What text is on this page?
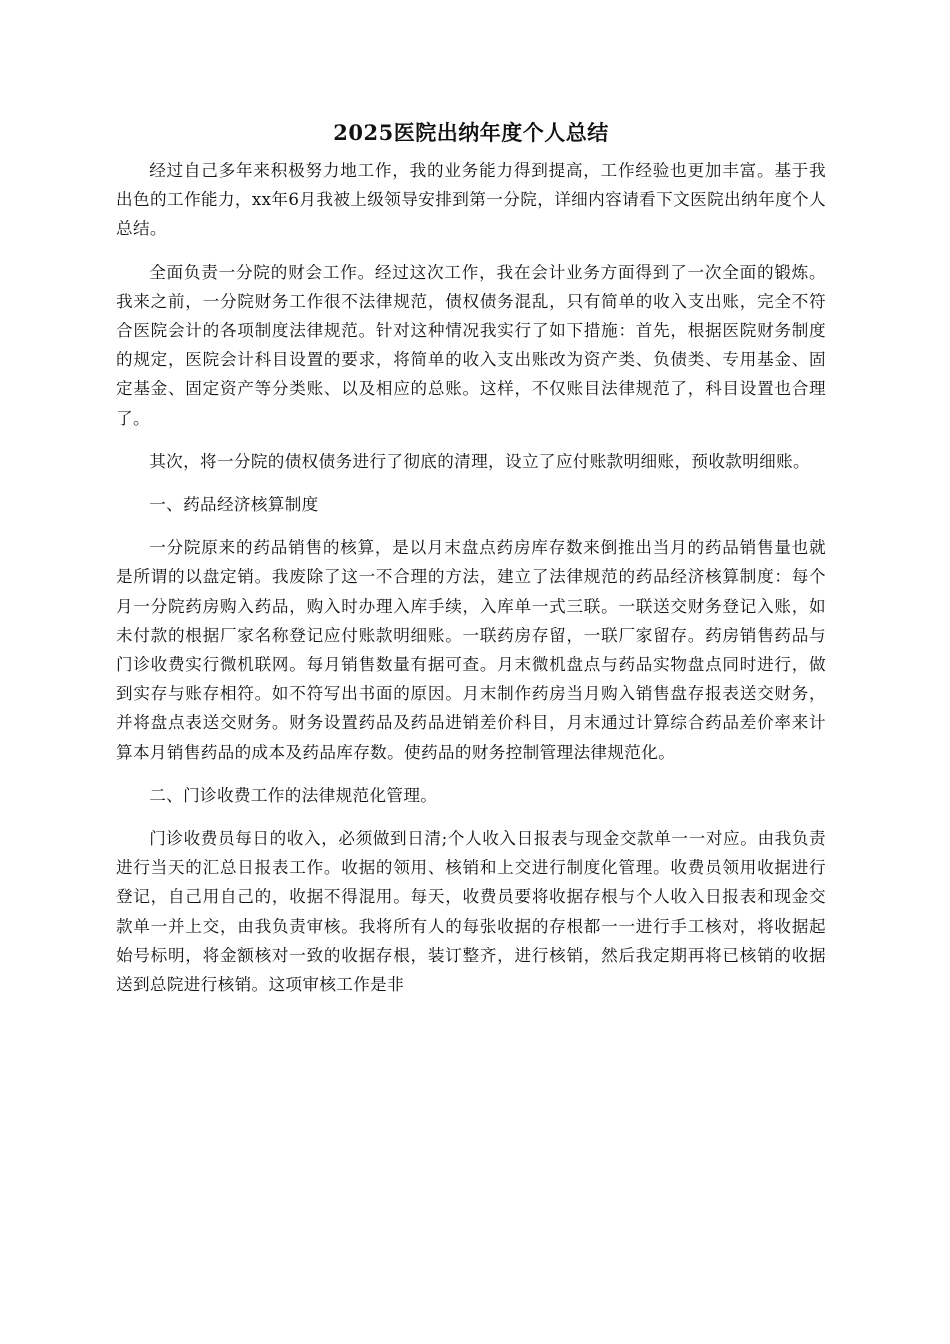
2025医院出纳年度个人总结

经过自己多年来积极努力地工作，我的业务能力得到提高，工作经验也更加丰富。基于我出色的工作能力，xx年6月我被上级领导安排到第一分院，详细内容请看下文医院出纳年度个人总结。

全面负责一分院的财会工作。经过这次工作，我在会计业务方面得到了一次全面的锻炼。我来之前，一分院财务工作很不法律规范，债权债务混乱，只有简单的收入支出账，完全不符合医院会计的各项制度法律规范。针对这种情况我实行了如下措施：首先，根据医院财务制度的规定，医院会计科目设置的要求，将简单的收入支出账改为资产类、负债类、专用基金、固定基金、固定资产等分类账、以及相应的总账。这样，不仅账目法律规范了，科目设置也合理了。

其次，将一分院的债权债务进行了彻底的清理，设立了应付账款明细账，预收款明细账。

一、药品经济核算制度

一分院原来的药品销售的核算，是以月末盘点药房库存数来倒推出当月的药品销售量也就是所谓的以盘定销。我废除了这一不合理的方法，建立了法律规范的药品经济核算制度：每个月一分院药房购入药品，购入时办理入库手续，入库单一式三联。一联送交财务登记入账，如未付款的根据厂家名称登记应付账款明细账。一联药房存留，一联厂家留存。药房销售药品与门诊收费实行微机联网。每月销售数量有据可查。月末微机盘点与药品实物盘点同时进行，做到实存与账存相符。如不符写出书面的原因。月末制作药房当月购入销售盘存报表送交财务，并将盘点表送交财务。财务设置药品及药品进销差价科目，月末通过计算综合药品差价率来计算本月销售药品的成本及药品库存数。使药品的财务控制管理法律规范化。

二、门诊收费工作的法律规范化管理。

门诊收费员每日的收入，必须做到日清;个人收入日报表与现金交款单一一对应。由我负责进行当天的汇总日报表工作。收据的领用、核销和上交进行制度化管理。收费员领用收据进行登记，自己用自己的，收据不得混用。每天，收费员要将收据存根与个人收入日报表和现金交款单一并上交，由我负责审核。我将所有人的每张收据的存根都一一进行手工核对，将收据起始号标明，将金额核对一致的收据存根，装订整齐，进行核销，然后我定期再将已核销的收据送到总院进行核销。这项审核工作是非
